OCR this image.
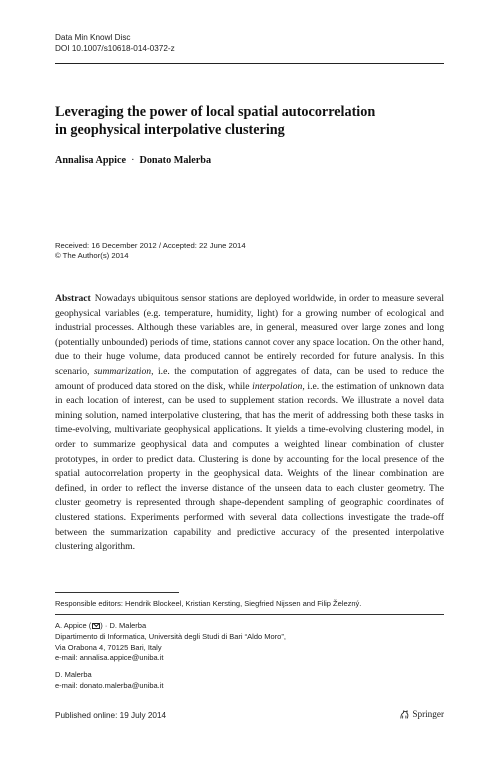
Data Min Knowl Disc
DOI 10.1007/s10618-014-0372-z
Leveraging the power of local spatial autocorrelation
in geophysical interpolative clustering
Annalisa Appice · Donato Malerba
Received: 16 December 2012 / Accepted: 22 June 2014
© The Author(s) 2014

Abstract Nowadays ubiquitous sensor stations are deployed worldwide, in order to measure several geophysical variables (e.g. temperature, humidity, light) for a growing number of ecological and industrial processes. Although these variables are, in general, measured over large zones and long (potentially unbounded) periods of time, stations cannot cover any space location. On the other hand, due to their huge volume, data produced cannot be entirely recorded for future analysis. In this scenario, summarization, i.e. the computation of aggregates of data, can be used to reduce the amount of produced data stored on the disk, while interpolation, i.e. the estimation of unknown data in each location of interest, can be used to supplement station records. We illustrate a novel data mining solution, named interpolative clustering, that has the merit of addressing both these tasks in time-evolving, multivariate geophysical applications. It yields a time-evolving clustering model, in order to summarize geophysical data and computes a weighted linear combination of cluster prototypes, in order to predict data. Clustering is done by accounting for the local presence of the spatial autocorrelation property in the geophysical data. Weights of the linear combination are defined, in order to reflect the inverse distance of the unseen data to each cluster geometry. The cluster geometry is represented through shape-dependent sampling of geographic coordinates of clustered stations. Experiments performed with several data collections investigate the trade-off between the summarization capability and predictive accuracy of the presented interpolative clustering algorithm.

Responsible editors: Hendrik Blockeel, Kristian Kersting, Siegfried Nijssen and Filip Železný.
A. Appice ( ) · D. Malerba
Dipartimento di Informatica, Università degli Studi di Bari “Aldo Moro”,
Via Orabona 4, 70125 Bari, Italy
e-mail: annalisa.appice@uniba.it
D. Malerba
e-mail: donato.malerba@uniba.it
Published online: 19 July 2014	Springer
